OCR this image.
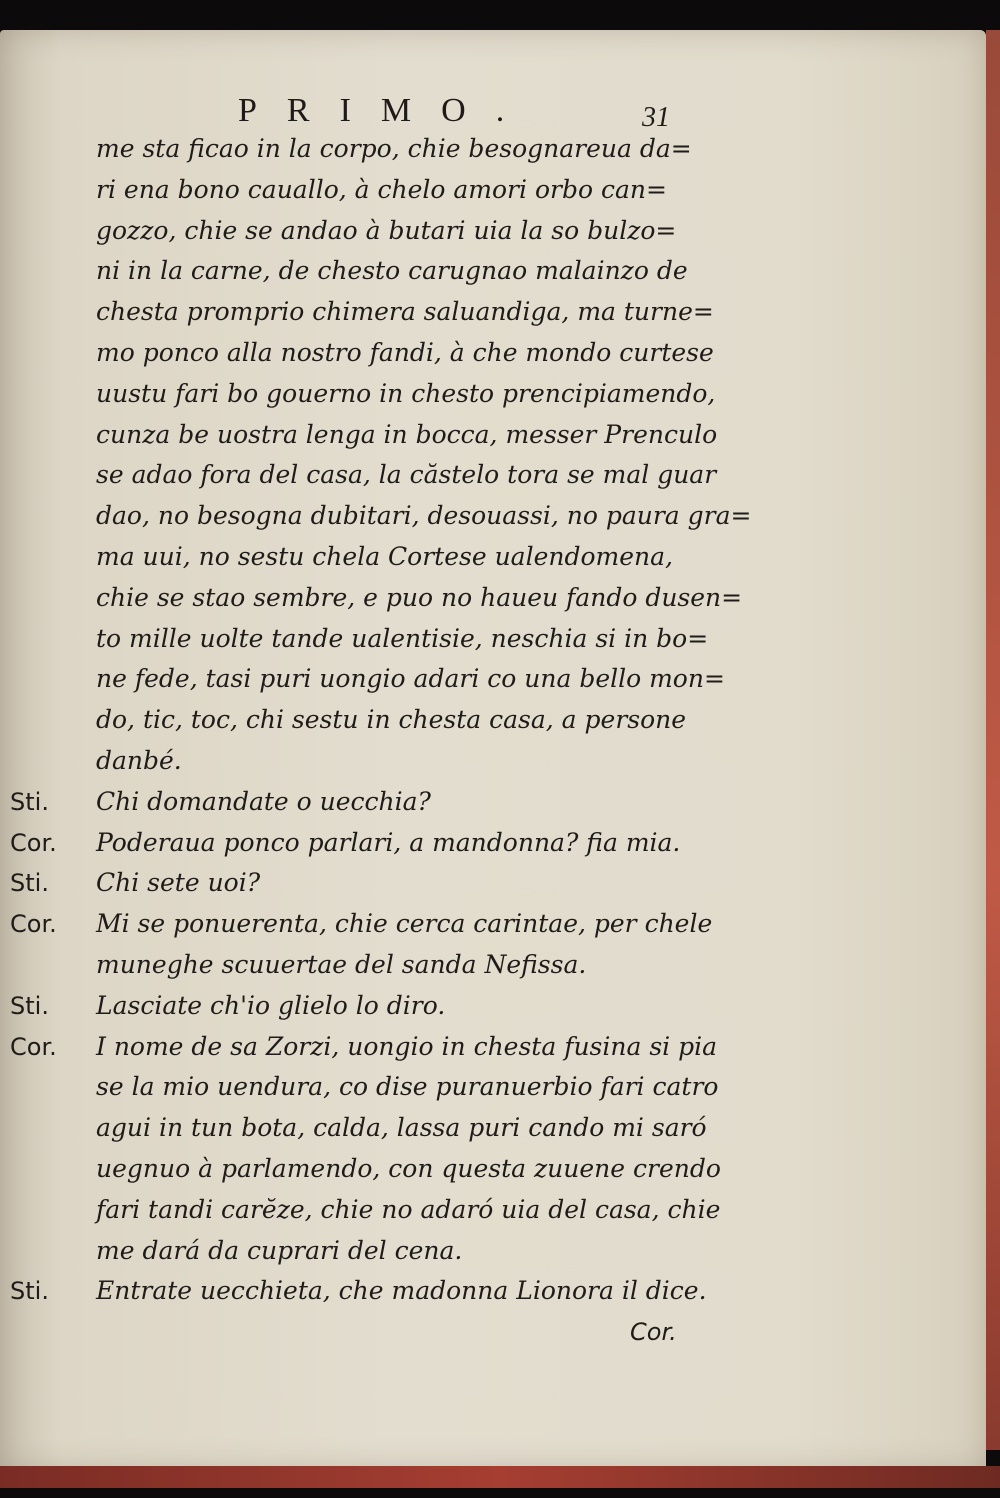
PRIMO.	31
me sta ficao in la corpo, chie besognareua da=
ri ena bono cauallo, à chelo amori orbo can=
gozzo, chie se andao à butari uia la so bulzo=
ni in la carne, de chesto carugnao malainzo de
chesta promprio chimera saluandiga, ma turne=
mo ponco alla nostro fandi, à che mondo curtese
uustu fari bo gouerno in chesto prencipiamendo,
cunza be uostra lenga in bocca, messer Prenculo
se adao fora del casa, la căstelo tora se mal guar
dao, no besogna dubitari, desouassi, no paura gra=
ma uui, no sestu chela Cortese ualendomena,
chie se stao sembre, e puo no haueu fando dusen=
to mille uolte tande ualentisie, neschia si in bo=
ne fede, tasi puri uongio adari co una bello mon=
do, tic, toc, chi sestu in chesta casa, a persone
danbé.
Sti. Chi domandate o uecchia?
Cor. Poderaua ponco parlari, a mandonna? fia mia.
Sti. Chi sete uoi?
Cor. Mi se ponuerenta, chie cerca carintae, per chele
muneghe scuuertae del sanda Nefissa.
Sti. Lasciate ch'io glielo lo diro.
Cor. I nome de sa Zorzi, uongio in chesta fusina si pia
se la mio uendura, co dise puranuerbio fari catro
agui in tun bota, calda, lassa puri cando mi saró
uegnuo à parlamendo, con questa zuuene crendo
fari tandi carĕze, chie no adaró uia del casa, chie
me dará da cuprari del cena.
Sti. Entrate uecchieta, che madonna Lionora il dice.
Cor.
